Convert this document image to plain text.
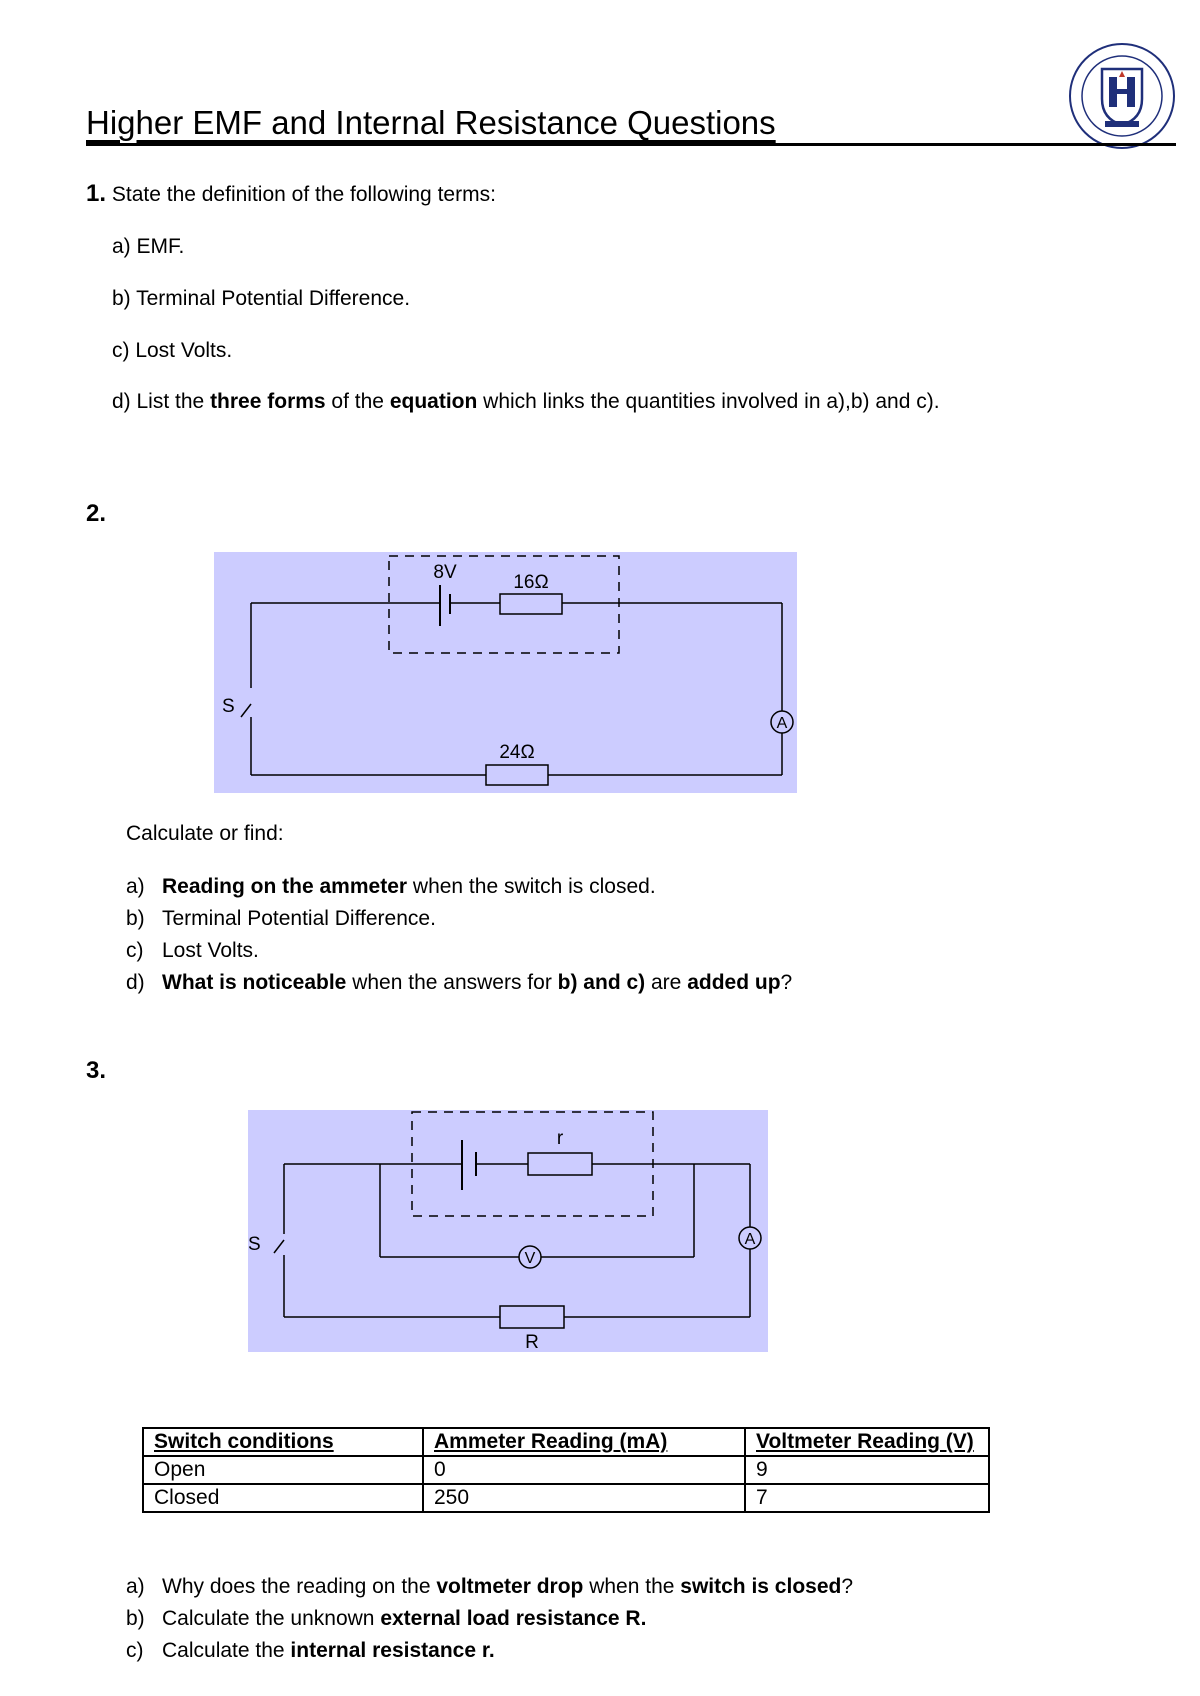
Higher EMF and Internal Resistance Questions
1. State the definition of the following terms:
a) EMF.
b) Terminal Potential Difference.
c) Lost Volts.
d) List the three forms of the equation which links the quantities involved in a),b) and c).
2.
A
8V	16Ω
24Ω
S
Calculate or find:
a) Reading on the ammeter when the switch is closed.
b) Terminal Potential Difference.
c) Lost Volts.
d) What is noticeable when the answers for b) and c) are added up?
3.
V
A
r
R
S
Switch conditions	Ammeter Reading (mA)	Voltmeter Reading (V)
Open	0	9
Closed	250	7
a) Why does the reading on the voltmeter drop when the switch is closed?
b) Calculate the unknown external load resistance R.
c) Calculate the internal resistance r.
